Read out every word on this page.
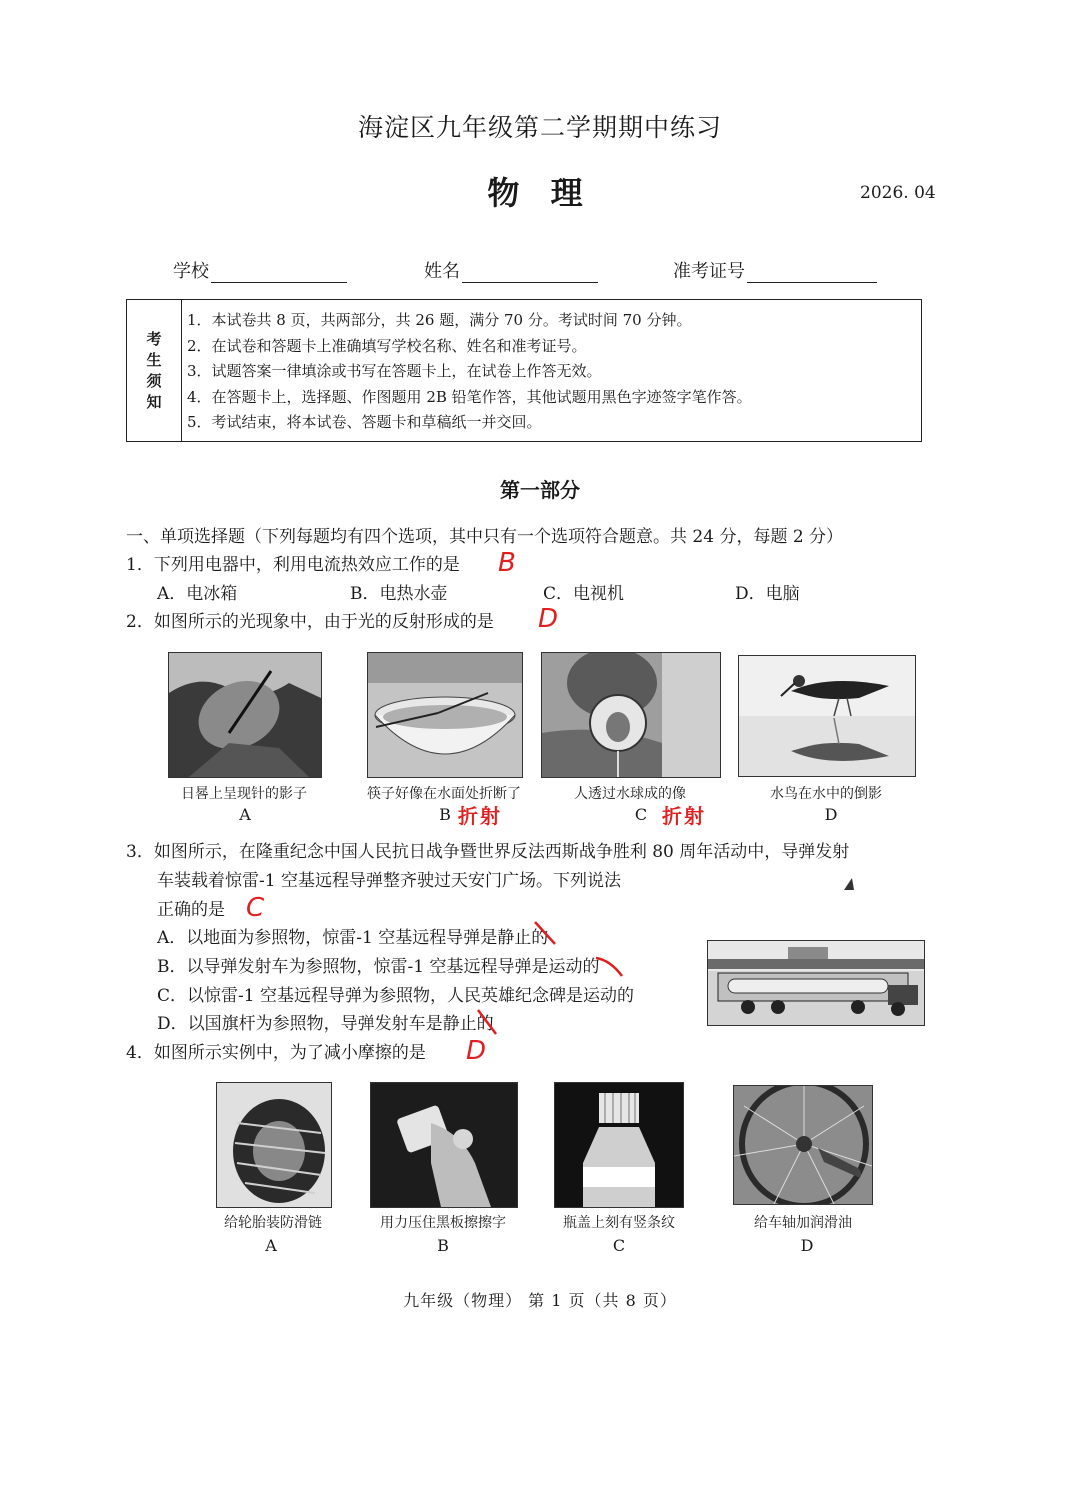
海淀区九年级第二学期期中练习
物 理	2026. 04
学校	姓名	准考证号
考
生
须
知
1．本试卷共 8 页，共两部分，共 26 题，满分 70 分。考试时间 70 分钟。
2．在试卷和答题卡上准确填写学校名称、姓名和准考证号。
3．试题答案一律填涂或书写在答题卡上，在试卷上作答无效。
4．在答题卡上，选择题、作图题用 2B 铅笔作答，其他试题用黑色字迹签字笔作答。
5．考试结束，将本试卷、答题卡和草稿纸一并交回。
第一部分
一、单项选择题（下列每题均有四个选项，其中只有一个选项符合题意。共 24 分，每题 2 分）
1．下列用电器中，利用电流热效应工作的是 B
A．电冰箱	B．电热水壶	C．电视机	D．电脑
2．如图所示的光现象中，由于光的反射形成的是 D
日晷上呈现针的影子	筷子好像在水面处折断了	人透过水球成的像	水鸟在水中的倒影
A	B 折射	C 折射	D
3．如图所示，在隆重纪念中国人民抗日战争暨世界反法西斯战争胜利 80 周年活动中，导弹发射
车装载着惊雷-1 空基远程导弹整齐驶过天安门广场。下列说法
正确的是 C
A．以地面为参照物，惊雷-1 空基远程导弹是静止的
B．以导弹发射车为参照物，惊雷-1 空基远程导弹是运动的
C．以惊雷-1 空基远程导弹为参照物，人民英雄纪念碑是运动的
D．以国旗杆为参照物，导弹发射车是静止的
4．如图所示实例中，为了减小摩擦的是 D
给轮胎装防滑链	用力压住黑板擦擦字	瓶盖上刻有竖条纹	给车轴加润滑油
A	B	C	D
九年级（物理） 第 1 页（共 8 页）
